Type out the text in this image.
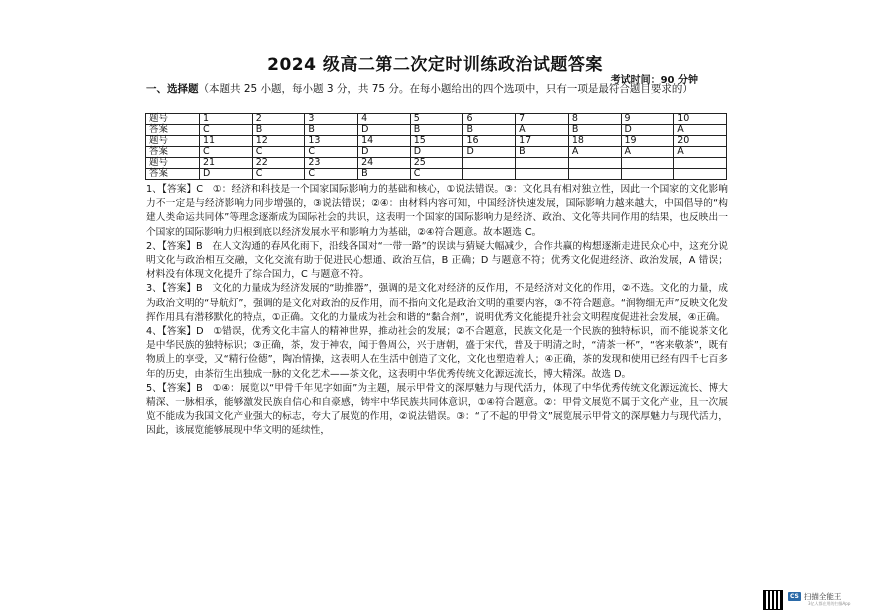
2024 级高二第二次定时训练政治试题答案
考试时间：90 分钟
一、选择题（本题共 25 小题，每小题 3 分，共 75 分。在每小题给出的四个选项中，只有一项是最符合题目要求的）
题号	1	2	3	4	5	6	7	8	9	10
答案	C	B	B	D	B	B	A	B	D	A
题号	11	12	13	14	15	16	17	18	19	20
答案	C	C	C	D	D	D	B	A	A	A
题号	21	22	23	24	25					
答案	D	C	C	B	C					

1、【答案】C　①：经济和科技是一个国家国际影响力的基础和核心，①说法错误。③：文化具有相对独立性，因此一个国家的文化影响力不一定是与经济影响力同步增强的，③说法错误；②④：由材料内容可知，中国经济快速发展，国际影响力越来越大，中国倡导的“构建人类命运共同体”等理念逐渐成为国际社会的共识，这表明一个国家的国际影响力是经济、政治、文化等共同作用的结果，也反映出一个国家的国际影响力归根到底以经济发展水平和影响力为基础，②④符合题意。故本题选 C。

2、【答案】B　在人文沟通的春风化雨下，沿线各国对“一带一路”的误读与猜疑大幅减少，合作共赢的构想逐渐走进民众心中，这充分说明文化与政治相互交融，文化交流有助于促进民心想通、政治互信，B 正确；D 与题意不符；优秀文化促进经济、政治发展，A 错误；材料没有体现文化提升了综合国力，C 与题意不符。

3、【答案】B　文化的力量成为经济发展的“助推器”，强调的是文化对经济的反作用，不是经济对文化的作用，②不选。文化的力量，成为政治文明的“导航灯”，强调的是文化对政治的反作用，而不指向文化是政治文明的重要内容，③不符合题意。“润物细无声”反映文化发挥作用具有潜移默化的特点，①正确。文化的力量成为社会和谐的“黏合剂”，说明优秀文化能提升社会文明程度促进社会发展，④正确。

4、【答案】D　①错误，优秀文化丰富人的精神世界，推动社会的发展；②不合题意，民族文化是一个民族的独特标识，而不能说茶文化是中华民族的独特标识；③正确，茶，发于神农，闻于鲁周公，兴于唐朝，盛于宋代，普及于明清之时，“清茶一杯”，“客来敬茶”，既有物质上的享受，又“精行俭德”，陶冶情操，这表明人在生活中创造了文化，文化也塑造着人；④正确，茶的发现和使用已经有四千七百多年的历史，由茶衍生出独成一脉的文化艺术——茶文化，这表明中华优秀传统文化源远流长，博大精深。故选 D。

5、【答案】B　①④：展览以“甲骨千年见字如面”为主题，展示甲骨文的深厚魅力与现代活力，体现了中华优秀传统文化源远流长、博大精深、一脉相承，能够激发民族自信心和自豪感，铸牢中华民族共同体意识，①④符合题意。②：甲骨文展览不属于文化产业，且一次展览不能成为我国文化产业强大的标志，夸大了展览的作用，②说法错误。③：“了不起的甲骨文”展览展示甲骨文的深厚魅力与现代活力，因此，该展览能够展现中华文明的延续性，

CS 扫描全能王
3亿人都在用的扫描App
